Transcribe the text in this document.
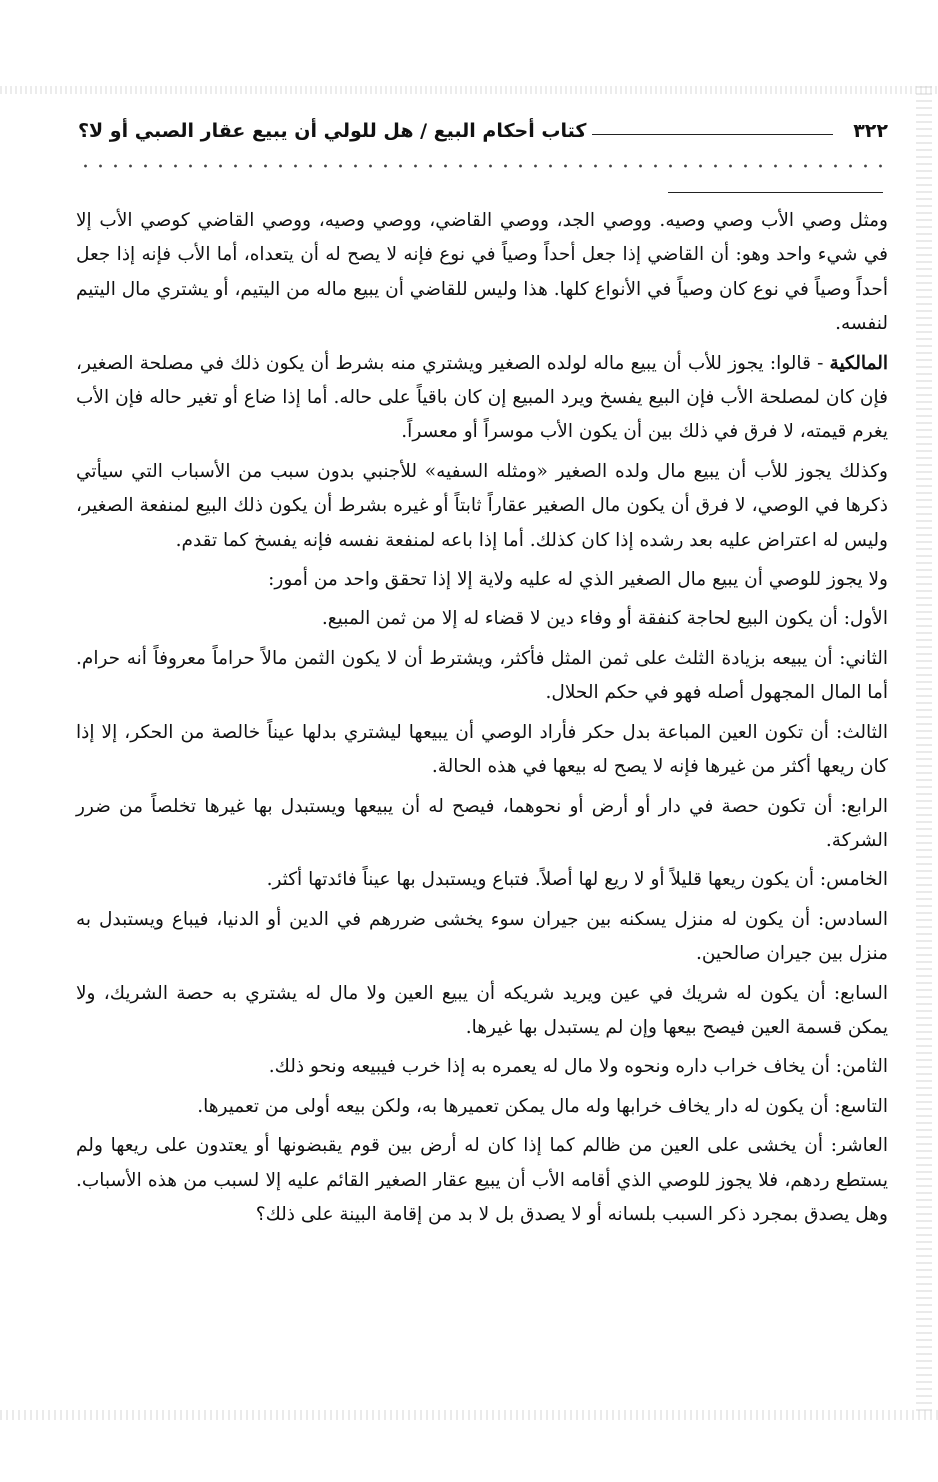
٣٢٢
كتاب أحكام البيع / هل للولي أن يبيع عقار الصبي أو لا؟

ومثل وصي الأب وصي وصيه. ووصي الجد، ووصي القاضي، ووصي وصيه، ووصي القاضي كوصي الأب إلا في شيء واحد وهو: أن القاضي إذا جعل أحداً وصياً في نوع فإنه لا يصح له أن يتعداه، أما الأب فإنه إذا جعل أحداً وصياً في نوع كان وصياً في الأنواع كلها. هذا وليس للقاضي أن يبيع ماله من اليتيم، أو يشتري مال اليتيم لنفسه.

المالكية - قالوا: يجوز للأب أن يبيع ماله لولده الصغير ويشتري منه بشرط أن يكون ذلك في مصلحة الصغير، فإن كان لمصلحة الأب فإن البيع يفسخ ويرد المبيع إن كان باقياً على حاله. أما إذا ضاع أو تغير حاله فإن الأب يغرم قيمته، لا فرق في ذلك بين أن يكون الأب موسراً أو معسراً.

وكذلك يجوز للأب أن يبيع مال ولده الصغير «ومثله السفيه» للأجنبي بدون سبب من الأسباب التي سيأتي ذكرها في الوصي، لا فرق أن يكون مال الصغير عقاراً ثابتاً أو غيره بشرط أن يكون ذلك البيع لمنفعة الصغير، وليس له اعتراض عليه بعد رشده إذا كان كذلك. أما إذا باعه لمنفعة نفسه فإنه يفسخ كما تقدم.

ولا يجوز للوصي أن يبيع مال الصغير الذي له عليه ولاية إلا إذا تحقق واحد من أمور:

الأول: أن يكون البيع لحاجة كنفقة أو وفاء دين لا قضاء له إلا من ثمن المبيع.

الثاني: أن يبيعه بزيادة الثلث على ثمن المثل فأكثر، ويشترط أن لا يكون الثمن مالاً حراماً معروفاً أنه حرام. أما المال المجهول أصله فهو في حكم الحلال.

الثالث: أن تكون العين المباعة بدل حكر فأراد الوصي أن يبيعها ليشتري بدلها عيناً خالصة من الحكر، إلا إذا كان ريعها أكثر من غيرها فإنه لا يصح له بيعها في هذه الحالة.

الرابع: أن تكون حصة في دار أو أرض أو نحوهما، فيصح له أن يبيعها ويستبدل بها غيرها تخلصاً من ضرر الشركة.

الخامس: أن يكون ريعها قليلاً أو لا ريع لها أصلاً. فتباع ويستبدل بها عيناً فائدتها أكثر.

السادس: أن يكون له منزل يسكنه بين جيران سوء يخشى ضررهم في الدين أو الدنيا، فيباع ويستبدل به منزل بين جيران صالحين.

السابع: أن يكون له شريك في عين ويريد شريكه أن يبيع العين ولا مال له يشتري به حصة الشريك، ولا يمكن قسمة العين فيصح بيعها وإن لم يستبدل بها غيرها.

الثامن: أن يخاف خراب داره ونحوه ولا مال له يعمره به إذا خرب فيبيعه ونحو ذلك.

التاسع: أن يكون له دار يخاف خرابها وله مال يمكن تعميرها به، ولكن بيعه أولى من تعميرها.

العاشر: أن يخشى على العين من ظالم كما إذا كان له أرض بين قوم يقبضونها أو يعتدون على ريعها ولم يستطع ردهم، فلا يجوز للوصي الذي أقامه الأب أن يبيع عقار الصغير القائم عليه إلا لسبب من هذه الأسباب. وهل يصدق بمجرد ذكر السبب بلسانه أو لا يصدق بل لا بد من إقامة البينة على ذلك؟
